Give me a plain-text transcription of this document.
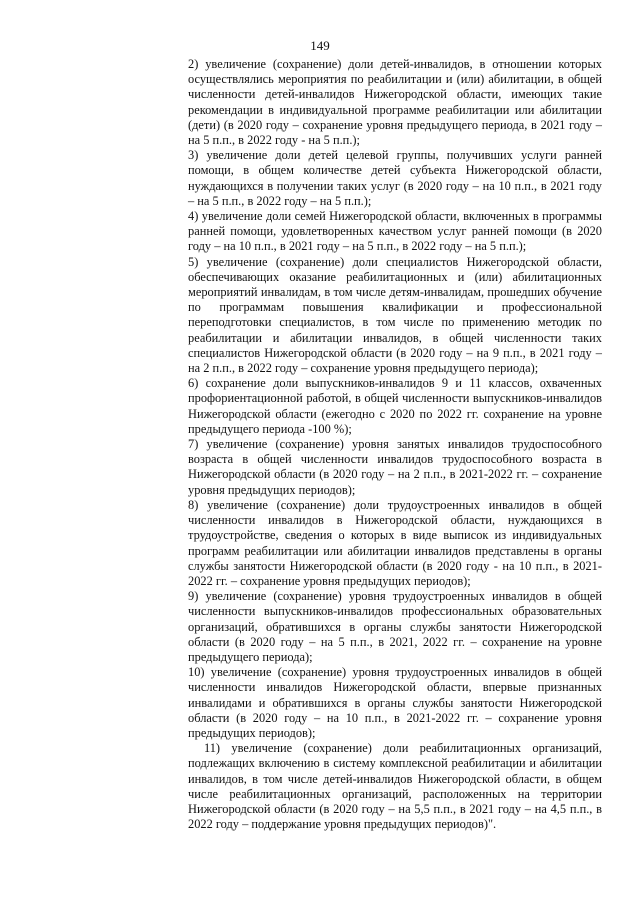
149

2) увеличение (сохранение) доли детей-инвалидов, в отношении которых осуществлялись мероприятия по реабилитации и (или) абилитации, в общей численности детей-инвалидов Нижегородской области, имеющих такие рекомендации в индивидуальной программе реабилитации или абилитации (дети) (в 2020 году – сохранение уровня предыдущего периода, в 2021 году – на 5 п.п., в 2022 году - на 5 п.п.);

3) увеличение доли детей целевой группы, получивших услуги ранней помощи, в общем количестве детей субъекта Нижегородской области, нуждающихся в получении таких услуг (в 2020 году – на 10 п.п., в 2021 году – на 5 п.п., в 2022 году – на 5 п.п.);

4) увеличение доли семей Нижегородской области, включенных в программы ранней помощи, удовлетворенных качеством услуг ранней помощи (в 2020 году – на 10 п.п., в 2021 году – на 5 п.п., в 2022 году – на 5 п.п.);

5) увеличение (сохранение) доли специалистов Нижегородской области, обеспечивающих оказание реабилитационных и (или) абилитационных мероприятий инвалидам, в том числе детям-инвалидам, прошедших обучение по программам повышения квалификации и профессиональной переподготовки специалистов, в том числе по применению методик по реабилитации и абилитации инвалидов, в общей численности таких специалистов Нижегородской области (в 2020 году – на 9 п.п., в 2021 году – на 2 п.п., в 2022 году – сохранение уровня предыдущего периода);

6) сохранение доли выпускников-инвалидов 9 и 11 классов, охваченных профориентационной работой, в общей численности выпускников-инвалидов Нижегородской области (ежегодно с 2020 по 2022 гг. сохранение на уровне предыдущего периода -100 %);

7) увеличение (сохранение) уровня занятых инвалидов трудоспособного возраста в общей численности инвалидов трудоспособного возраста в Нижегородской области (в 2020 году – на 2 п.п., в 2021-2022 гг. – сохранение уровня предыдущих периодов);

8) увеличение (сохранение) доли трудоустроенных инвалидов в общей численности инвалидов в Нижегородской области, нуждающихся в трудоустройстве, сведения о которых в виде выписок из индивидуальных программ реабилитации или абилитации инвалидов представлены в органы службы занятости Нижегородской области (в 2020 году - на 10 п.п., в 2021-2022 гг. – сохранение уровня предыдущих периодов);

9) увеличение (сохранение) уровня трудоустроенных инвалидов в общей численности выпускников-инвалидов профессиональных образовательных организаций, обратившихся в органы службы занятости Нижегородской области (в 2020 году – на 5 п.п., в 2021, 2022 гг. – сохранение на уровне предыдущего периода);

10) увеличение (сохранение) уровня трудоустроенных инвалидов в общей численности инвалидов Нижегородской области, впервые признанных инвалидами и обратившихся в органы службы занятости Нижегородской области (в 2020 году – на 10 п.п., в 2021-2022 гг. – сохранение уровня предыдущих периодов);

11) увеличение (сохранение) доли реабилитационных организаций, подлежащих включению в систему комплексной реабилитации и абилитации инвалидов, в том числе детей-инвалидов Нижегородской области, в общем числе реабилитационных организаций, расположенных на территории Нижегородской области (в 2020 году – на 5,5 п.п., в 2021 году – на 4,5 п.п., в 2022 году – поддержание уровня предыдущих периодов)".
